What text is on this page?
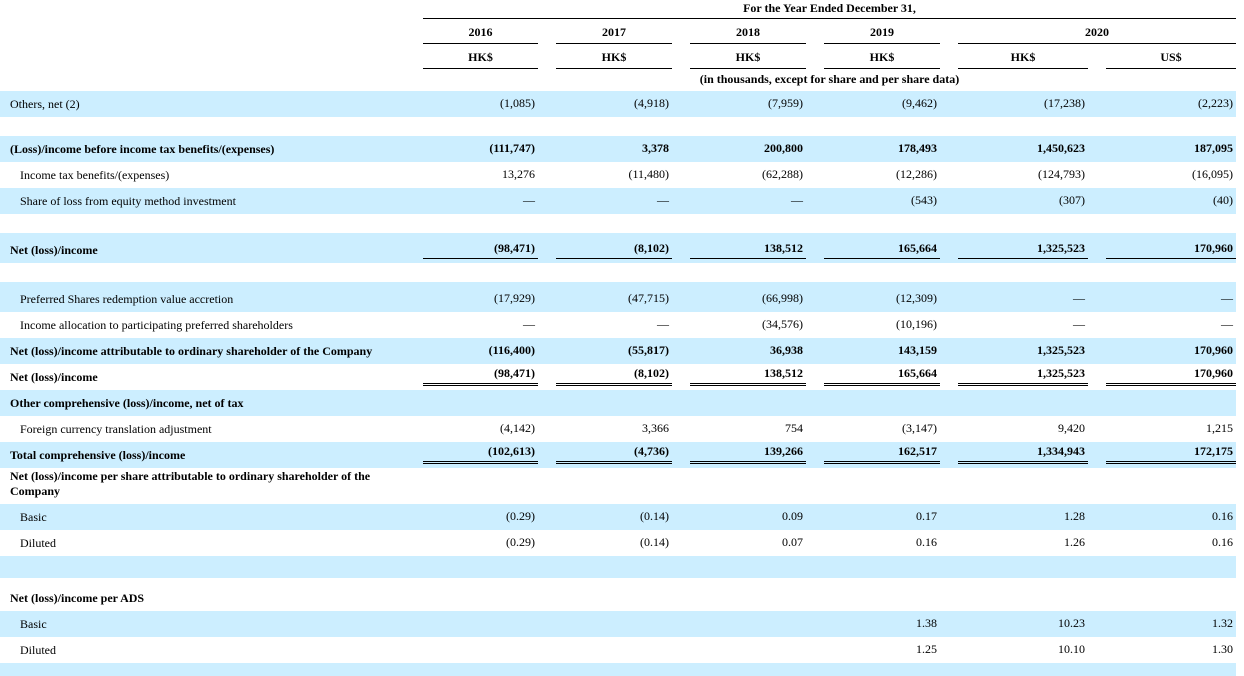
	For the Year Ended December 31,					

	2016	2017	2018	2019	2020	

	HK$	HK$	HK$	HK$	HK$	US$

	(in thousands, except for share and per share data)					

Others, net (2)	(1,085)	(4,918)	(7,959)	(9,462)	(17,238)	(2,223)

(Loss)/income before income tax benefits/(expenses)	(111,747)	3,378	200,800	178,493	1,450,623	187,095

Income tax benefits/(expenses)	13,276	(11,480)	(62,288)	(12,286)	(124,793)	(16,095)

Share of loss from equity method investment	—	—	—	(543)	(307)	(40)

Net (loss)/income	(98,471)	(8,102)	138,512	165,664	1,325,523	170,960

Preferred Shares redemption value accretion	(17,929)	(47,715)	(66,998)	(12,309)	—	—

Income allocation to participating preferred shareholders	—	—	(34,576)	(10,196)	—	—

Net (loss)/income attributable to ordinary shareholder of the Company	(116,400)	(55,817)	36,938	143,159	1,325,523	170,960

Net (loss)/income	(98,471)	(8,102)	138,512	165,664	1,325,523	170,960

Other comprehensive (loss)/income, net of tax	

Foreign currency translation adjustment	(4,142)	3,366	754	(3,147)	9,420	1,215

Total comprehensive (loss)/income	(102,613)	(4,736)	139,266	162,517	1,334,943	172,175

Net (loss)/income per share attributable to ordinary shareholder of the Company	

Basic	(0.29)	(0.14)	0.09	0.17	1.28	0.16

Diluted	(0.29)	(0.14)	0.07	0.16	1.26	0.16

Net (loss)/income per ADS	

Basic				1.38	10.23	1.32

Diluted				1.25	10.10	1.30
